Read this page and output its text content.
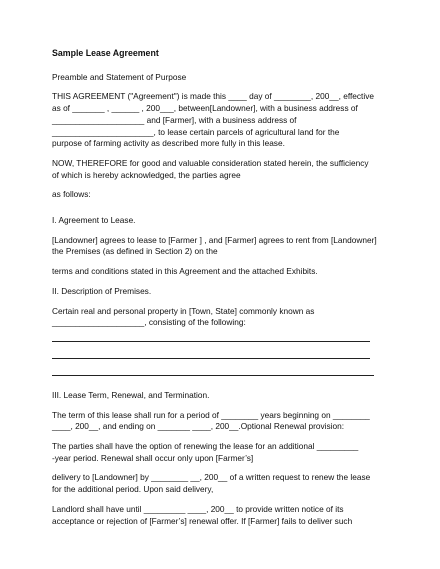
Sample Lease Agreement

Preamble and Statement of Purpose

THIS AGREEMENT ("Agreement") is made this ____ day of ________, 200__, effective

as of _______ , ______ , 200___, between[Landowner], with a business address of

____________________ and [Farmer], with a business address of

______________________, to lease certain parcels of agricultural land for the

purpose of farming activity as described more fully in this lease.

NOW, THEREFORE for good and valuable consideration stated herein, the sufficiency

of which is hereby acknowledged, the parties agree

as follows:

I. Agreement to Lease.

[Landowner] agrees to lease to [Farmer ] , and [Farmer] agrees to rent from [Landowner]

the Premises (as defined in Section 2) on the

terms and conditions stated in this Agreement and the attached Exhibits.

II. Description of Premises.

Certain real and personal property in [Town, State] commonly known as

____________________, consisting of the following:

III. Lease Term, Renewal, and Termination.

The term of this lease shall run for a period of ________ years beginning on ________

____, 200__, and ending on _______ ____, 200__.Optional Renewal provision:

The parties shall have the option of renewing the lease for an additional _________

-year period. Renewal shall occur only upon [Farmer’s]

delivery to [Landowner] by ________ __, 200__ of a written request to renew the lease

for the additional period. Upon said delivery,

Landlord shall have until _________ ____, 200__ to provide written notice of its

acceptance or rejection of [Farmer’s] renewal offer. If [Farmer] fails to deliver such
